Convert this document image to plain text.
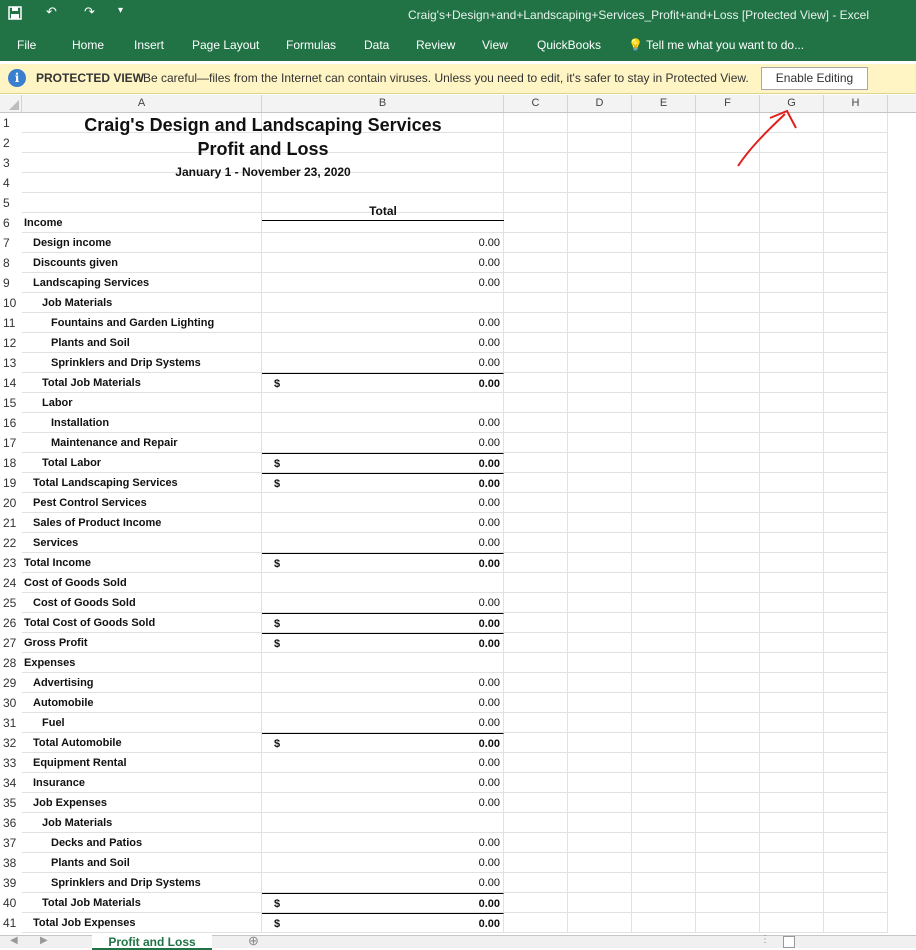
↶ ↷ ▾	Craig's+Design+and+Landscaping+Services_Profit+and+Loss [Protected View] - Excel
File	Home Insert Page Layout Formulas Data Review View QuickBooks 💡 Tell me what you want to do...
i	PROTECTED VIEW
Be careful—files from the Internet can contain viruses. Unless you need to edit, it's safer to stay in Protected View.	Enable Editing
A	B	C	D	E	F	G	H
1
2
3
4
5
6	Income
7	Design income	0.00
8	Discounts given	0.00
9	Landscaping Services	0.00
10	Job Materials
11	Fountains and Garden Lighting	0.00
12	Plants and Soil	0.00
13	Sprinklers and Drip Systems	0.00
14	Total Job Materials	$	0.00
15	Labor
16	Installation	0.00
17	Maintenance and Repair	0.00
18	Total Labor	$	0.00
19	Total Landscaping Services	$	0.00
20	Pest Control Services	0.00
21	Sales of Product Income	0.00
22	Services	0.00
23 Total Income	$	0.00
24 Cost of Goods Sold
25	Cost of Goods Sold	0.00
26 Total Cost of Goods Sold	$	0.00
27 Gross Profit	$	0.00
28 Expenses
29	Advertising	0.00
30	Automobile	0.00
31	Fuel	0.00
32	Total Automobile	$	0.00
33	Equipment Rental	0.00
34	Insurance	0.00
35	Job Expenses	0.00
36	Job Materials
37	Decks and Patios	0.00
38	Plants and Soil	0.00
39	Sprinklers and Drip Systems	0.00
40	Total Job Materials	$	0.00
41	Total Job Expenses	$	0.00
Craig's Design and Landscaping Services
Profit and Loss
January 1 - November 23, 2020
Total
◀ ▶	Profit and Loss	⊕	⋮
